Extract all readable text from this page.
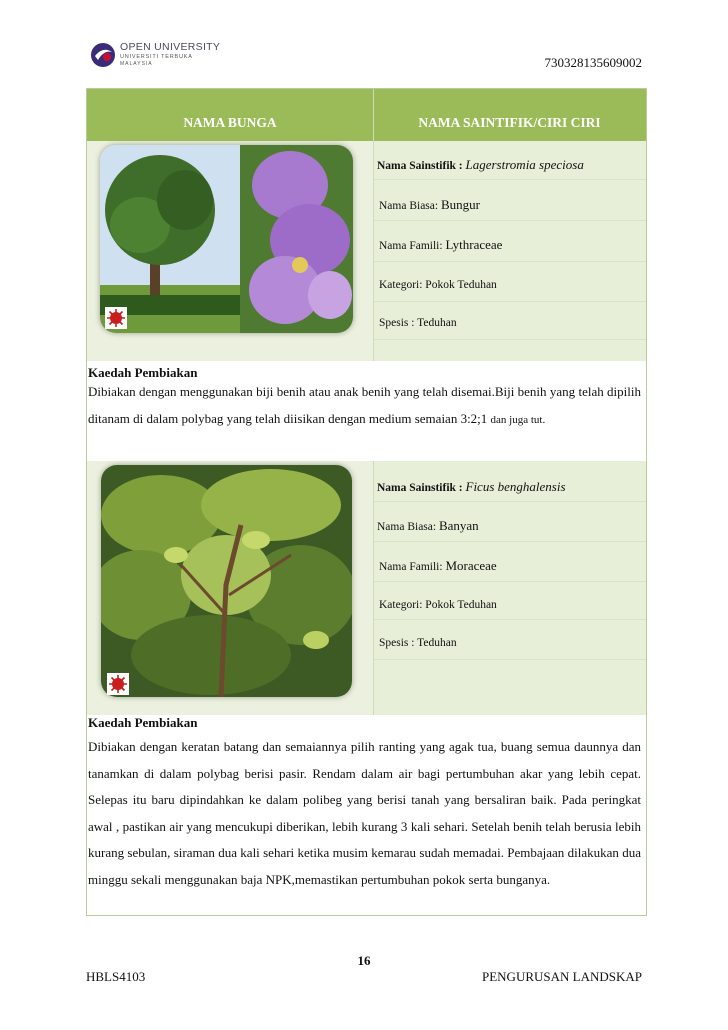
OPEN UNIVERSITY
UNIVERSITI TERBUKA
MALAYSIA	730328135609002
NAMA BUNGA	NAMA SAINTIFIK/CIRI CIRI
Nama Sainstifik : Lagerstromia speciosa
Nama Biasa: Bungur
Nama Famili: Lythraceae
Kategori: Pokok Teduhan
Spesis : Teduhan
Kaedah Pembiakan
Dibiakan dengan menggunakan biji benih atau anak benih yang telah disemai.Biji benih yang telah dipilih ditanam di dalam polybag yang telah diisikan dengan medium semaian 3:2;1 dan juga tut.
Nama Sainstifik : Ficus benghalensis
Nama Biasa: Banyan
Nama Famili: Moraceae
Kategori: Pokok Teduhan
Spesis : Teduhan
Kaedah Pembiakan
Dibiakan dengan keratan batang dan semaiannya pilih ranting yang agak tua, buang semua daunnya dan tanamkan di dalam polybag berisi pasir. Rendam dalam air bagi pertumbuhan akar yang lebih cepat. Selepas itu baru dipindahkan ke dalam polibeg yang berisi tanah yang bersaliran baik. Pada peringkat awal , pastikan air yang mencukupi diberikan, lebih kurang 3 kali sehari. Setelah benih telah berusia lebih kurang sebulan, siraman dua kali sehari ketika musim kemarau sudah memadai. Pembajaan dilakukan dua minggu sekali menggunakan baja NPK,memastikan pertumbuhan pokok serta bunganya.
16
HBLS4103	PENGURUSAN LANDSKAP
